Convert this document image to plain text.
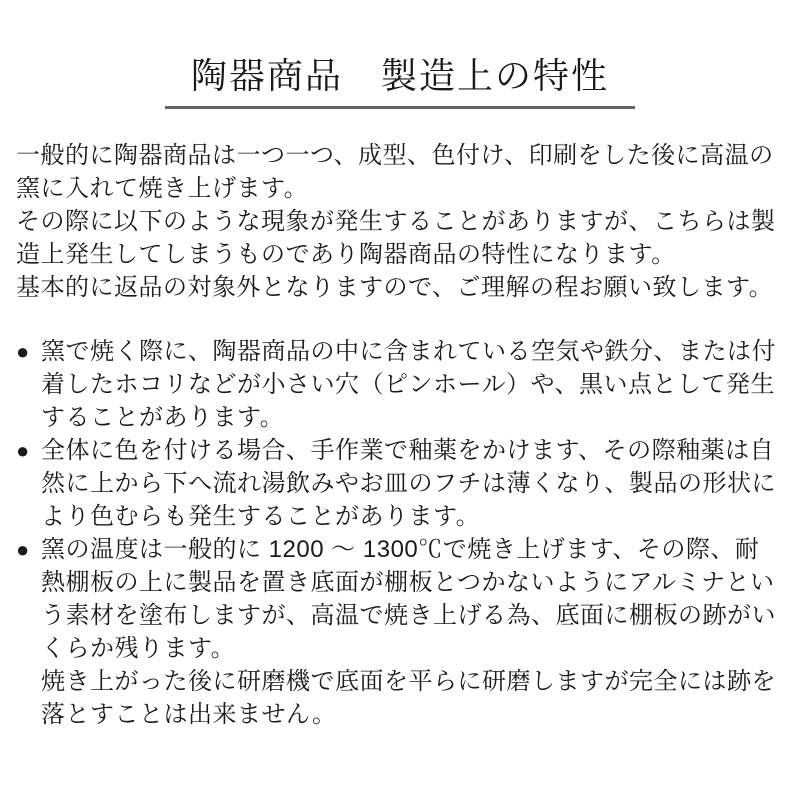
陶器商品　製造上の特性
一般的に陶器商品は一つ一つ、成型、色付け、印刷をした後に高温の
窯に入れて焼き上げます。
その際に以下のような現象が発生することがありますが、こちらは製
造上発生してしまうものであり陶器商品の特性になります。
基本的に返品の対象外となりますので、ご理解の程お願い致します。
● 窯で焼く際に、陶器商品の中に含まれている空気や鉄分、または付
着したホコリなどが小さい穴（ピンホール）や、黒い点として発生
することがあります。
● 全体に色を付ける場合、手作業で釉薬をかけます、その際釉薬は自
然に上から下へ流れ湯飲みやお皿のフチは薄くなり、製品の形状に
より色むらも発生することがあります。
● 窯の温度は一般的に 1200 ～ 1300℃で焼き上げます、その際、耐
熱棚板の上に製品を置き底面が棚板とつかないようにアルミナとい
う素材を塗布しますが、高温で焼き上げる為、底面に棚板の跡がい
くらか残ります。
焼き上がった後に研磨機で底面を平らに研磨しますが完全には跡を
落とすことは出来ません。
